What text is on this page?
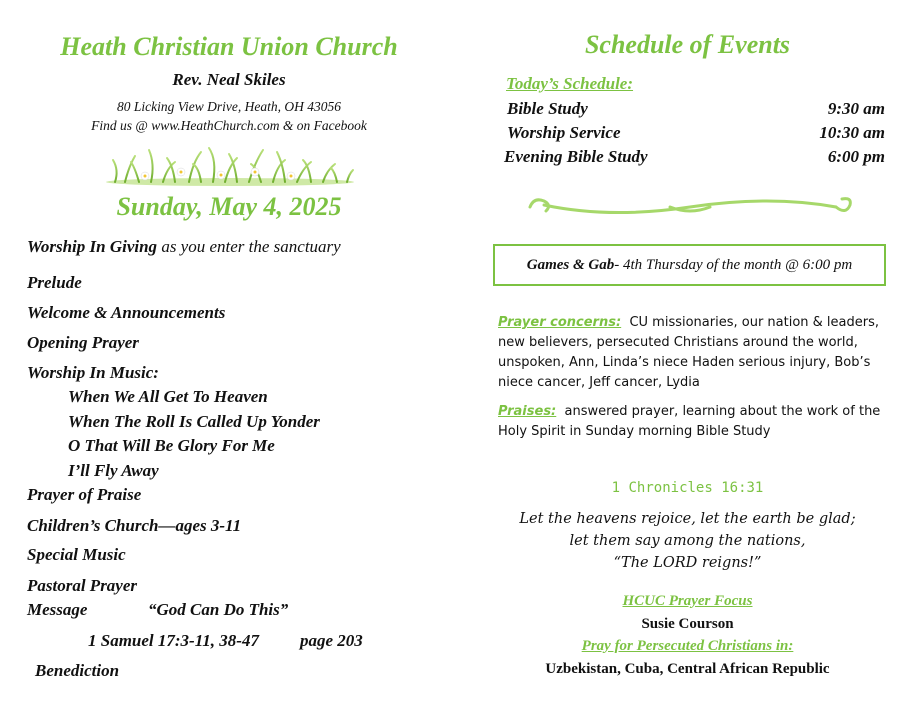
Heath Christian Union Church
Rev. Neal Skiles
80 Licking View Drive, Heath, OH 43056
Find us @ www.HeathChurch.com & on Facebook
Sunday, May 4, 2025
Worship In Giving as you enter the sanctuary
Prelude
Welcome & Announcements
Opening Prayer
Worship In Music:
When We All Get To Heaven
When The Roll Is Called Up Yonder
O That Will Be Glory For Me
I’ll Fly Away
Prayer of Praise
Children’s Church—ages 3-11
Special Music
Pastoral Prayer
Message	“God Can Do This”
1 Samuel 17:3-11, 38-47 page 203
Benediction
Schedule of Events
Today’s Schedule:
Bible Study	9:30 am
Worship Service	10:30 am
Evening Bible Study	6:00 pm
Games & Gab- 4th Thursday of the month @ 6:00 pm
Prayer concerns: CU missionaries, our nation & leaders, new believers, persecuted Christians around the world, unspoken, Ann, Linda’s niece Haden serious injury, Bob’s niece cancer, Jeff cancer, Lydia
Praises: answered prayer, learning about the work of the Holy Spirit in Sunday morning Bible Study
1 Chronicles 16:31
Let the heavens rejoice, let the earth be glad;
let them say among the nations,
“The LORD reigns!”
HCUC Prayer Focus
Susie Courson
Pray for Persecuted Christians in:
Uzbekistan, Cuba, Central African Republic
